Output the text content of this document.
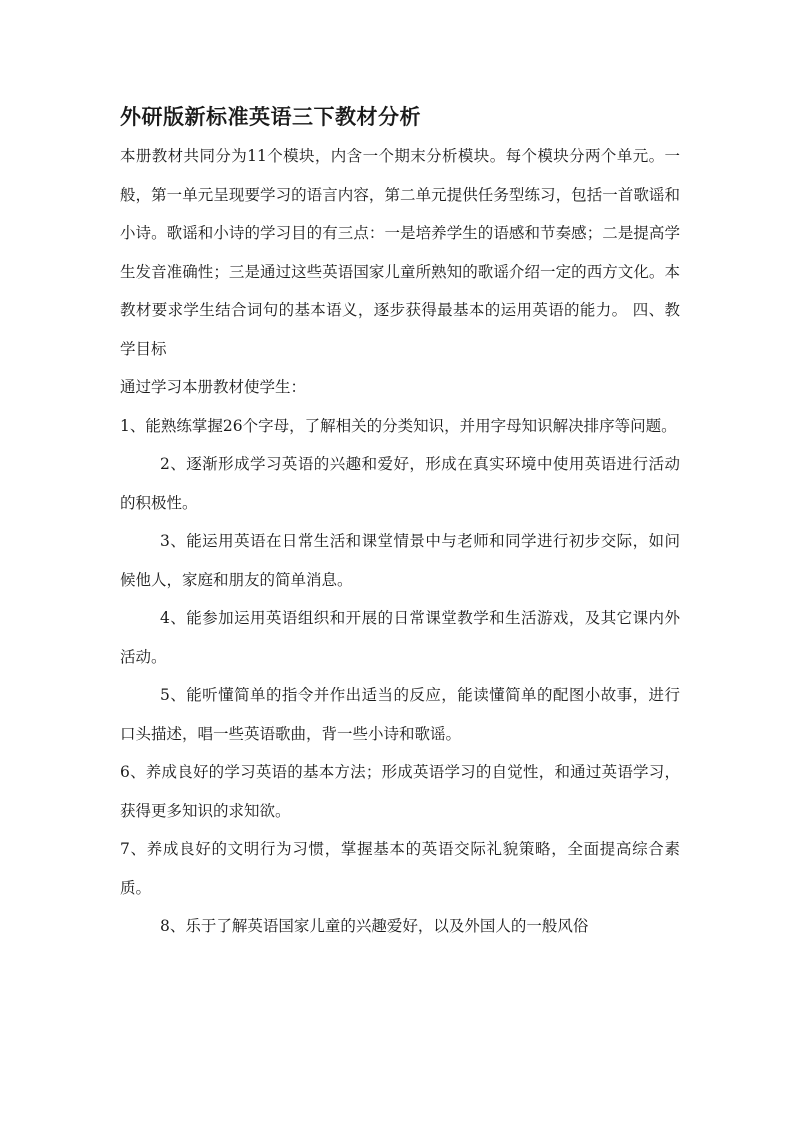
外研版新标准英语三下教材分析

本册教材共同分为11个模块，内含一个期末分析模块。每个模块分两个单元。一般，第一单元呈现要学习的语言内容，第二单元提供任务型练习，包括一首歌谣和小诗。歌谣和小诗的学习目的有三点：一是培养学生的语感和节奏感；二是提高学生发音准确性；三是通过这些英语国家儿童所熟知的歌谣介绍一定的西方文化。本教材要求学生结合词句的基本语义，逐步获得最基本的运用英语的能力。 四、教学目标

通过学习本册教材使学生：

1、能熟练掌握26个字母，了解相关的分类知识，并用字母知识解决排序等问题。

2、逐渐形成学习英语的兴趣和爱好，形成在真实环境中使用英语进行活动的积极性。

3、能运用英语在日常生活和课堂情景中与老师和同学进行初步交际，如问候他人，家庭和朋友的简单消息。

4、能参加运用英语组织和开展的日常课堂教学和生活游戏，及其它课内外活动。

5、能听懂简单的指令并作出适当的反应，能读懂简单的配图小故事，进行口头描述，唱一些英语歌曲，背一些小诗和歌谣。

6、养成良好的学习英语的基本方法；形成英语学习的自觉性，和通过英语学习，获得更多知识的求知欲。

7、养成良好的文明行为习惯，掌握基本的英语交际礼貌策略，全面提高综合素质。

8、乐于了解英语国家儿童的兴趣爱好，以及外国人的一般风俗
